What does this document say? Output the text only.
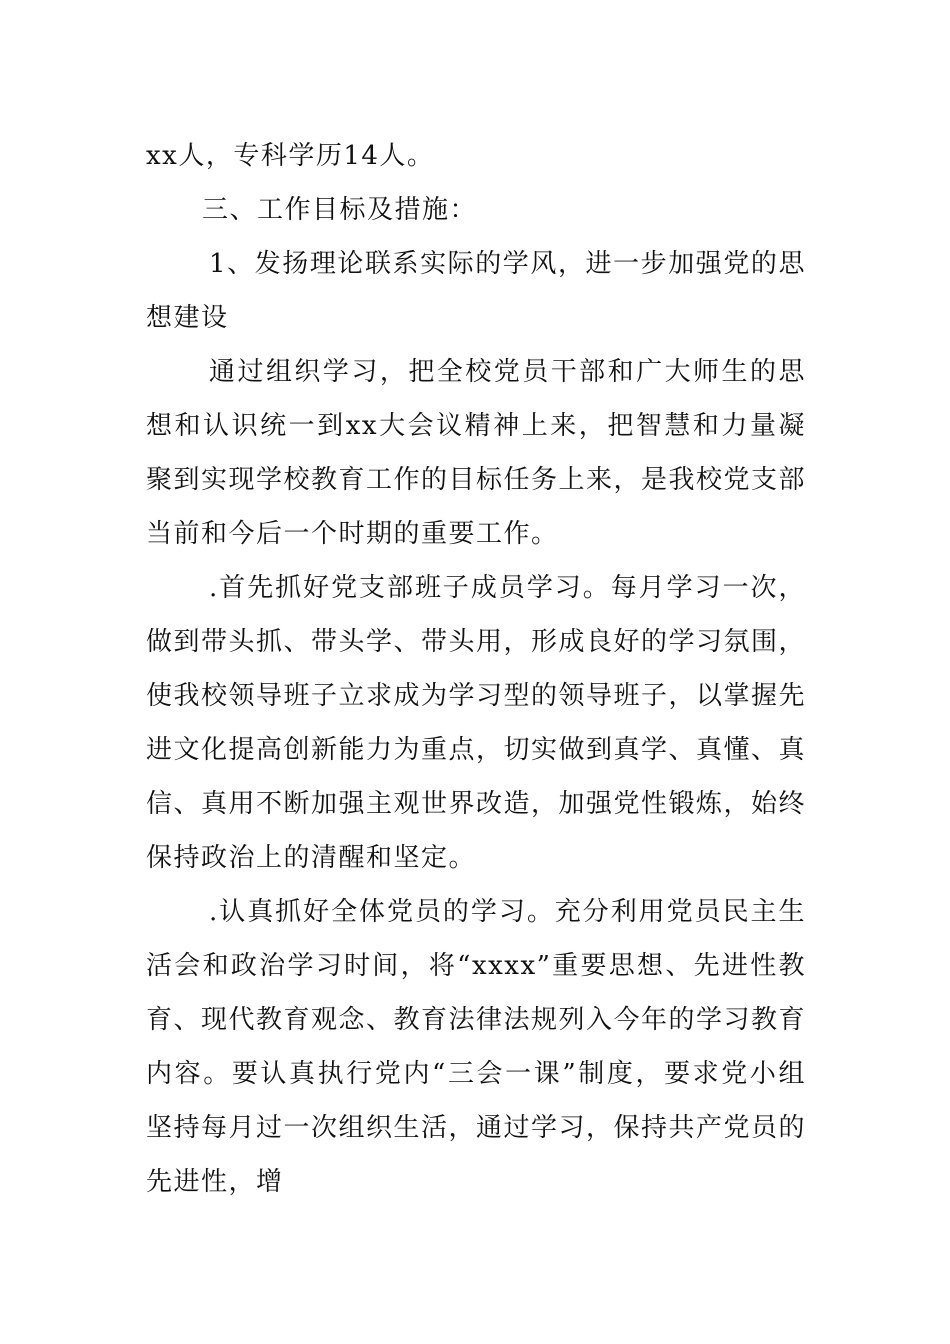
xx人，专科学历14人。

三、工作目标及措施：

1、发扬理论联系实际的学风，进一步加强党的思想建设

通过组织学习，把全校党员干部和广大师生的思想和认识统一到xx大会议精神上来，把智慧和力量凝聚到实现学校教育工作的目标任务上来，是我校党支部当前和今后一个时期的重要工作。

.首先抓好党支部班子成员学习。每月学习一次，做到带头抓、带头学、带头用，形成良好的学习氛围，使我校领导班子立求成为学习型的领导班子，以掌握先进文化提高创新能力为重点，切实做到真学、真懂、真信、真用不断加强主观世界改造，加强党性锻炼，始终保持政治上的清醒和坚定。

.认真抓好全体党员的学习。充分利用党员民主生活会和政治学习时间，将“xxxx”重要思想、先进性教育、现代教育观念、教育法律法规列入今年的学习教育内容。要认真执行党内“三会一课”制度，要求党小组坚持每月过一次组织生活，通过学习，保持共产党员的先进性，增
